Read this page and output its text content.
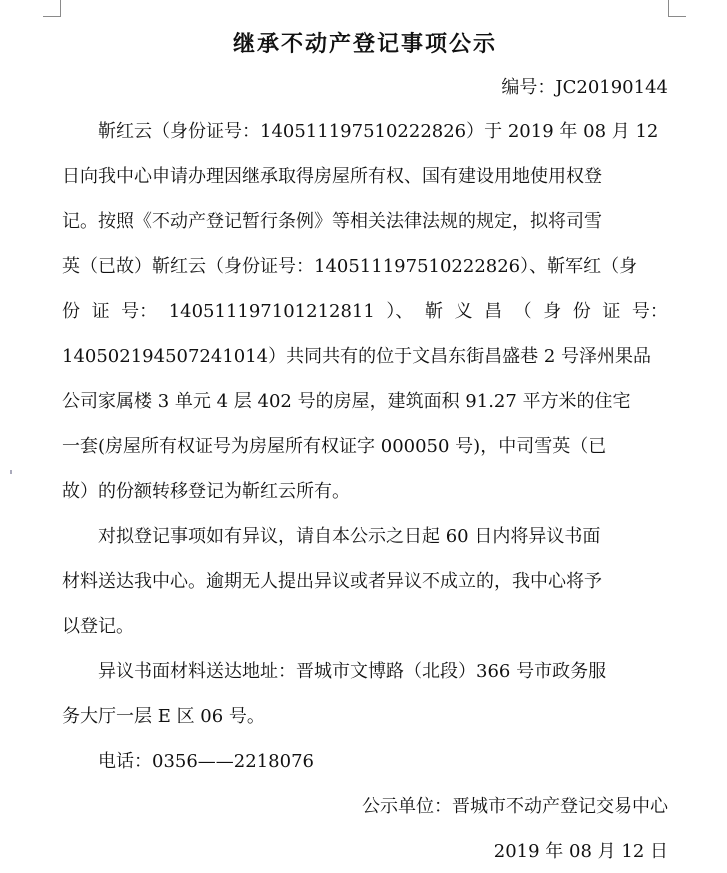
继承不动产登记事项公示
编号：JC20190144
靳红云（身份证号：140511197510222826）于 2019 年 08 月 12
日向我中心申请办理因继承取得房屋所有权、国有建设用地使用权登
记。按照《不动产登记暂行条例》等相关法律法规的规定，拟将司雪
英（已故）靳红云（身份证号：140511197510222826）、靳军红（身
份 证 号： 140511197101212811 ）、 靳 义 昌 （ 身 份 证 号：
140502194507241014）共同共有的位于文昌东街昌盛巷 2 号泽州果品
公司家属楼 3 单元 4 层 402 号的房屋，建筑面积 91.27 平方米的住宅
一套(房屋所有权证号为房屋所有权证字 000050 号)，中司雪英（已
故）的份额转移登记为靳红云所有。
对拟登记事项如有异议，请自本公示之日起 60 日内将异议书面
材料送达我中心。逾期无人提出异议或者异议不成立的，我中心将予
以登记。
异议书面材料送达地址：晋城市文博路（北段）366 号市政务服
务大厅一层 E 区 06 号。
电话：0356——2218076
公示单位：晋城市不动产登记交易中心
2019 年 08 月 12 日
